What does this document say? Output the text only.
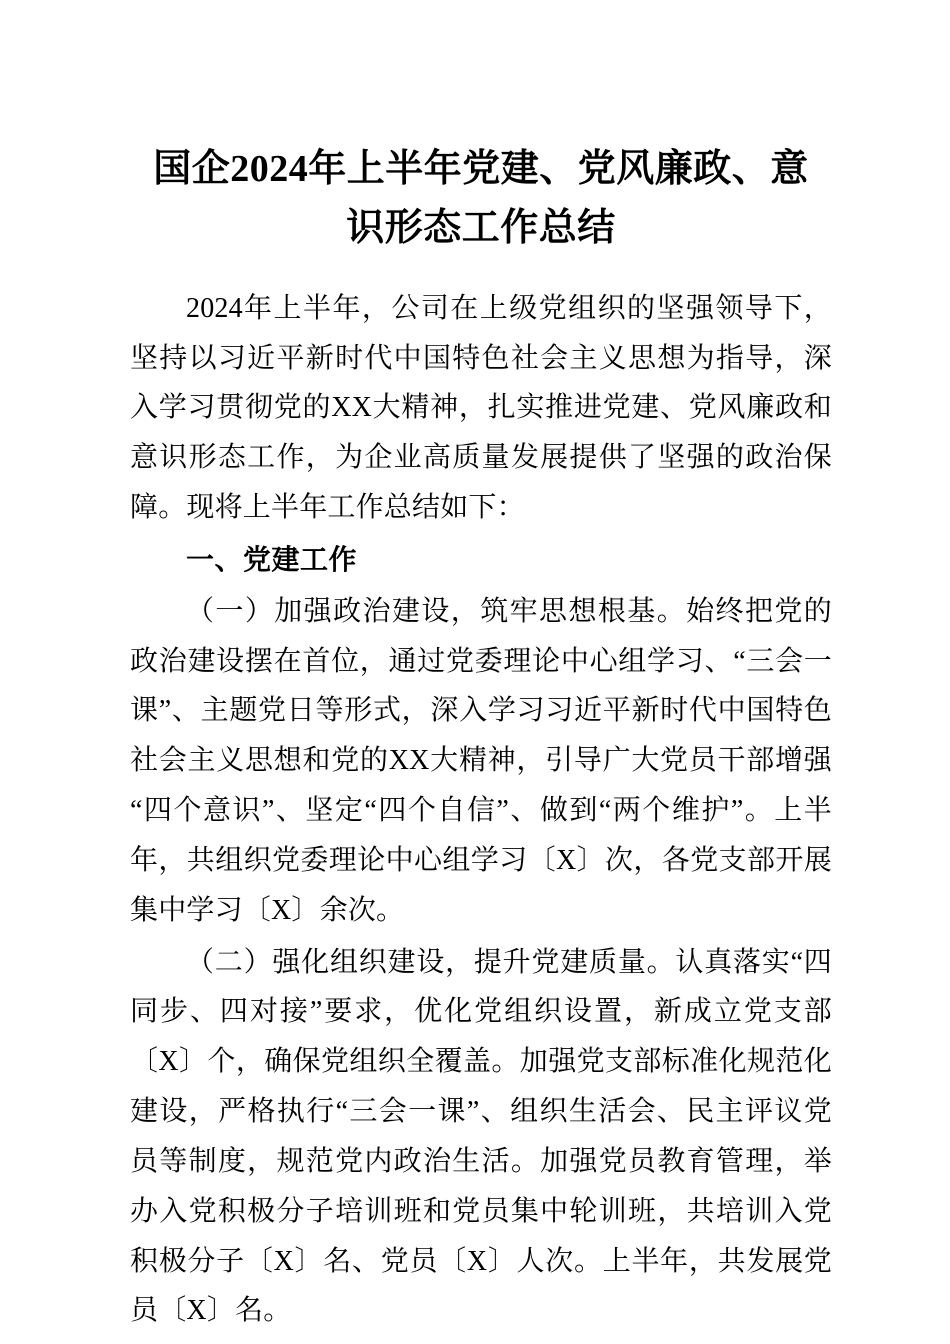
国企2024年上半年党建、党风廉政、意识形态工作总结

2024年上半年，公司在上级党组织的坚强领导下，坚持以习近平新时代中国特色社会主义思想为指导，深入学习贯彻党的XX大精神，扎实推进党建、党风廉政和意识形态工作，为企业高质量发展提供了坚强的政治保障。现将上半年工作总结如下：

一、党建工作

（一）加强政治建设，筑牢思想根基。始终把党的政治建设摆在首位，通过党委理论中心组学习、“三会一课”、主题党日等形式，深入学习习近平新时代中国特色社会主义思想和党的XX大精神，引导广大党员干部增强“四个意识”、坚定“四个自信”、做到“两个维护”。上半年，共组织党委理论中心组学习〔X〕次，各党支部开展集中学习〔X〕余次。

（二）强化组织建设，提升党建质量。认真落实“四同步、四对接”要求，优化党组织设置，新成立党支部〔X〕个，确保党组织全覆盖。加强党支部标准化规范化建设，严格执行“三会一课”、组织生活会、民主评议党员等制度，规范党内政治生活。加强党员教育管理，举办入党积极分子培训班和党员集中轮训班，共培训入党积极分子〔X〕名、党员〔X〕人次。上半年，共发展党员〔X〕名。
